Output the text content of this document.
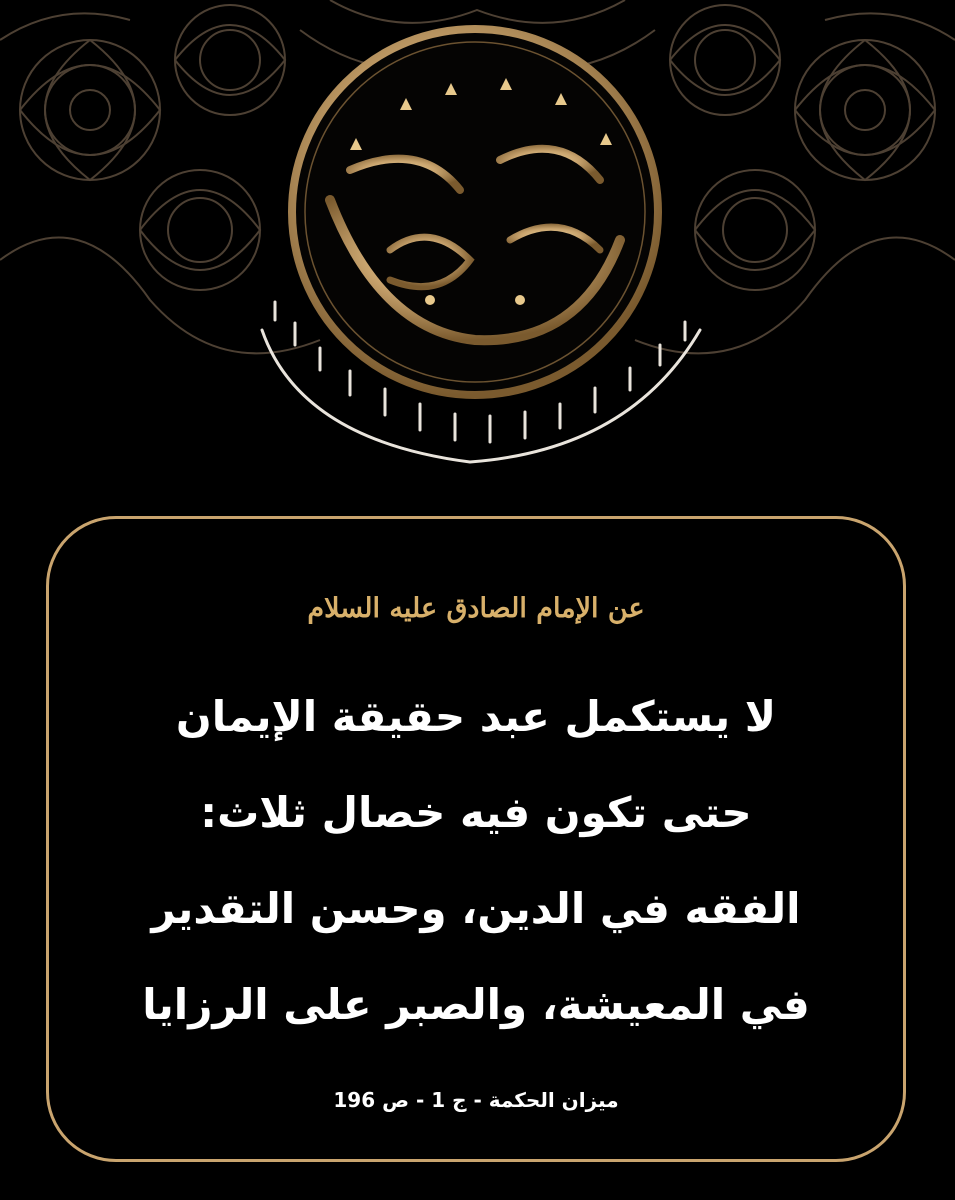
عن الإمام الصادق عليه السلام
لا يستكمل عبد حقيقة الإيمان
حتى تكون فيه خصال ثلاث:
الفقه في الدين، وحسن التقدير
في المعيشة، والصبر على الرزايا
ميزان الحكمة - ج 1 - ص 196
